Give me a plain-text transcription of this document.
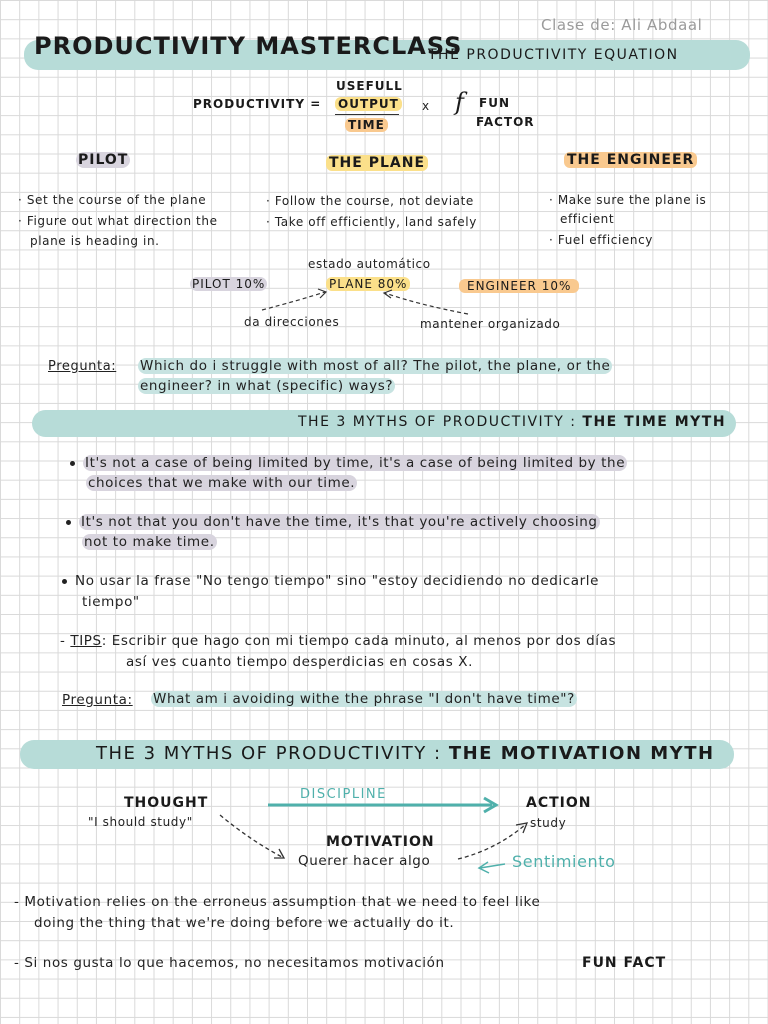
PRODUCTIVITY MASTERCLASS
Clase de: Ali Abdaal
THE PRODUCTIVITY EQUATION
PRODUCTIVITY =
USEFULL
OUTPUT
TIME
x f FUN
FACTOR
PILOT	THE PLANE	THE ENGINEER
· Set the course of the plane
· Figure out what direction the
plane is heading in.
· Follow the course, not deviate
· Take off efficiently, land safely
· Make sure the plane is
efficient
· Fuel efficiency
estado automático
PILOT 10%	PLANE 80%	ENGINEER 10%
da direcciones	mantener organizado
Pregunta: Which do i struggle with most of all? The pilot, the plane, or the
engineer? in what (specific) ways?
THE 3 MYTHS OF PRODUCTIVITY : THE TIME MYTH
It's not a case of being limited by time, it's a case of being limited by the
choices that we make with our time.
It's not that you don't have the time, it's that you're actively choosing
not to make time.
No usar la frase "No tengo tiempo" sino "estoy decidiendo no dedicarle
tiempo"
- TIPS: Escribir que hago con mi tiempo cada minuto, al menos por dos días
así ves cuanto tiempo desperdicias en cosas X.
Pregunta: What am i avoiding withe the phrase "I don't have time"?
THE 3 MYTHS OF PRODUCTIVITY : THE MOTIVATION MYTH
THOUGHT
"I should study"
DISCIPLINE
ACTION
study
MOTIVATION
Querer hacer algo	Sentimiento
- Motivation relies on the erroneus assumption that we need to feel like
doing the thing that we're doing before we actually do it.
- Si nos gusta lo que hacemos, no necesitamos motivación	FUN FACT
